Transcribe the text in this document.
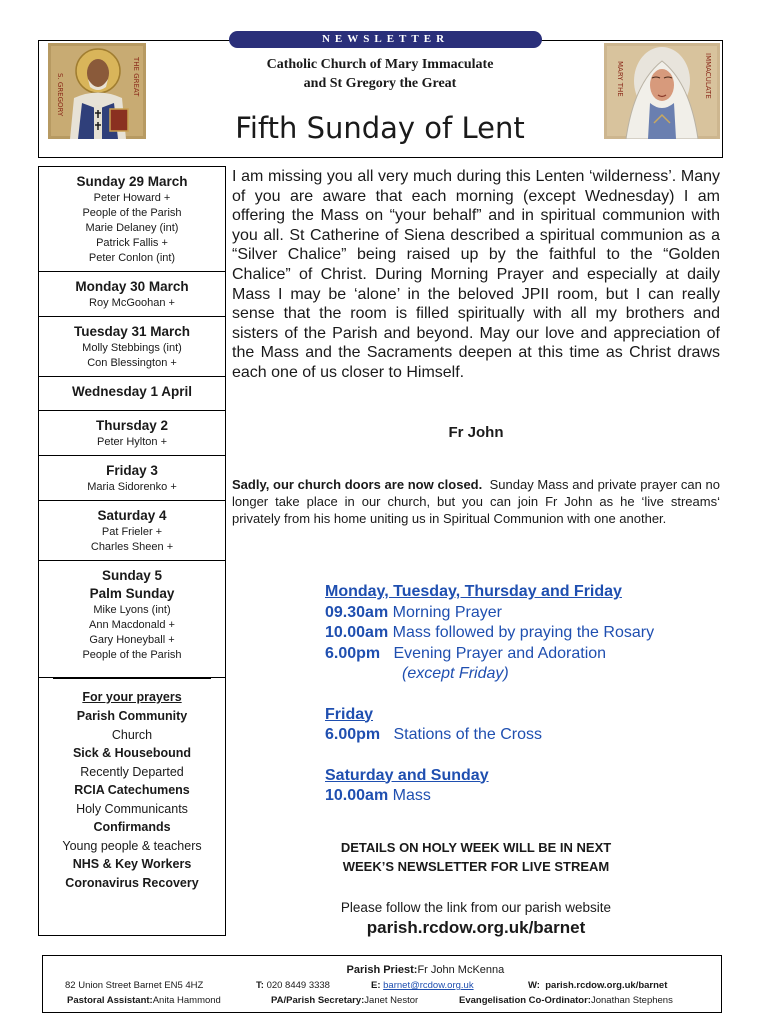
NEWSLETTER
S. GREGORY	THE GREAT	MARY THE	IMMACULATE
Catholic Church of Mary Immaculate
and St Gregory the Great
Fifth Sunday of Lent
Sunday 29 March
Peter Howard +
People of the Parish
Marie Delaney (int)
Patrick Fallis +
Peter Conlon (int)
Monday 30 March
Roy McGoohan +
Tuesday 31 March
Molly Stebbings (int)
Con Blessington +
Wednesday 1 April
Thursday 2
Peter Hylton +
Friday 3
Maria Sidorenko +
Saturday 4
Pat Frieler +
Charles Sheen +
Sunday 5
Palm Sunday
Mike Lyons (int)
Ann Macdonald +
Gary Honeyball +
People of the Parish
For your prayers
Parish Community
Church
Sick & Housebound
Recently Departed
RCIA Catechumens
Holy Communicants
Confirmands
Young people & teachers
NHS & Key Workers
Coronavirus Recovery

I am missing you all very much during this Lenten ‘wilderness’. Many of you are aware that each morning (except Wednesday) I am offering the Mass on “your behalf” and in spiritual communion with you all. St Catherine of Siena described a spiritual communion as a “Silver Chalice” being raised up by the faithful to the “Golden Chalice” of Christ. During Morning Prayer and especially at daily Mass I may be ‘alone’ in the beloved JPII room, but I can really sense that the room is filled spiritually with all my brothers and sisters of the Parish and beyond. May our love and appreciation of the Mass and the Sacraments deepen at this time as Christ draws each one of us closer to Himself.

Fr John

Sadly, our church doors are now closed. Sunday Mass and private prayer can no longer take place in our church, but you can join Fr John as he ‘live streams‘ privately from his home uniting us in Spiritual Communion with one another.

Monday, Tuesday, Thursday and Friday
09.30am Morning Prayer
10.00am Mass followed by praying the Rosary
6.00pm Evening Prayer and Adoration
(except Friday)
Friday
6.00pm Stations of the Cross
Saturday and Sunday
10.00am Mass
DETAILS ON HOLY WEEK WILL BE IN NEXT
WEEK’S NEWSLETTER FOR LIVE STREAM
Please follow the link from our parish website
parish.rcdow.org.uk/barnet
Parish Priest: Fr John McKenna
82 Union Street Barnet EN5 4HZ	T: 020 8449 3338	E: barnet@rcdow.org.uk	W: parish.rcdow.org.uk/barnet
Pastoral Assistant: Anita Hammond	PA/Parish Secretary: Janet Nestor	Evangelisation Co-Ordinator: Jonathan Stephens
